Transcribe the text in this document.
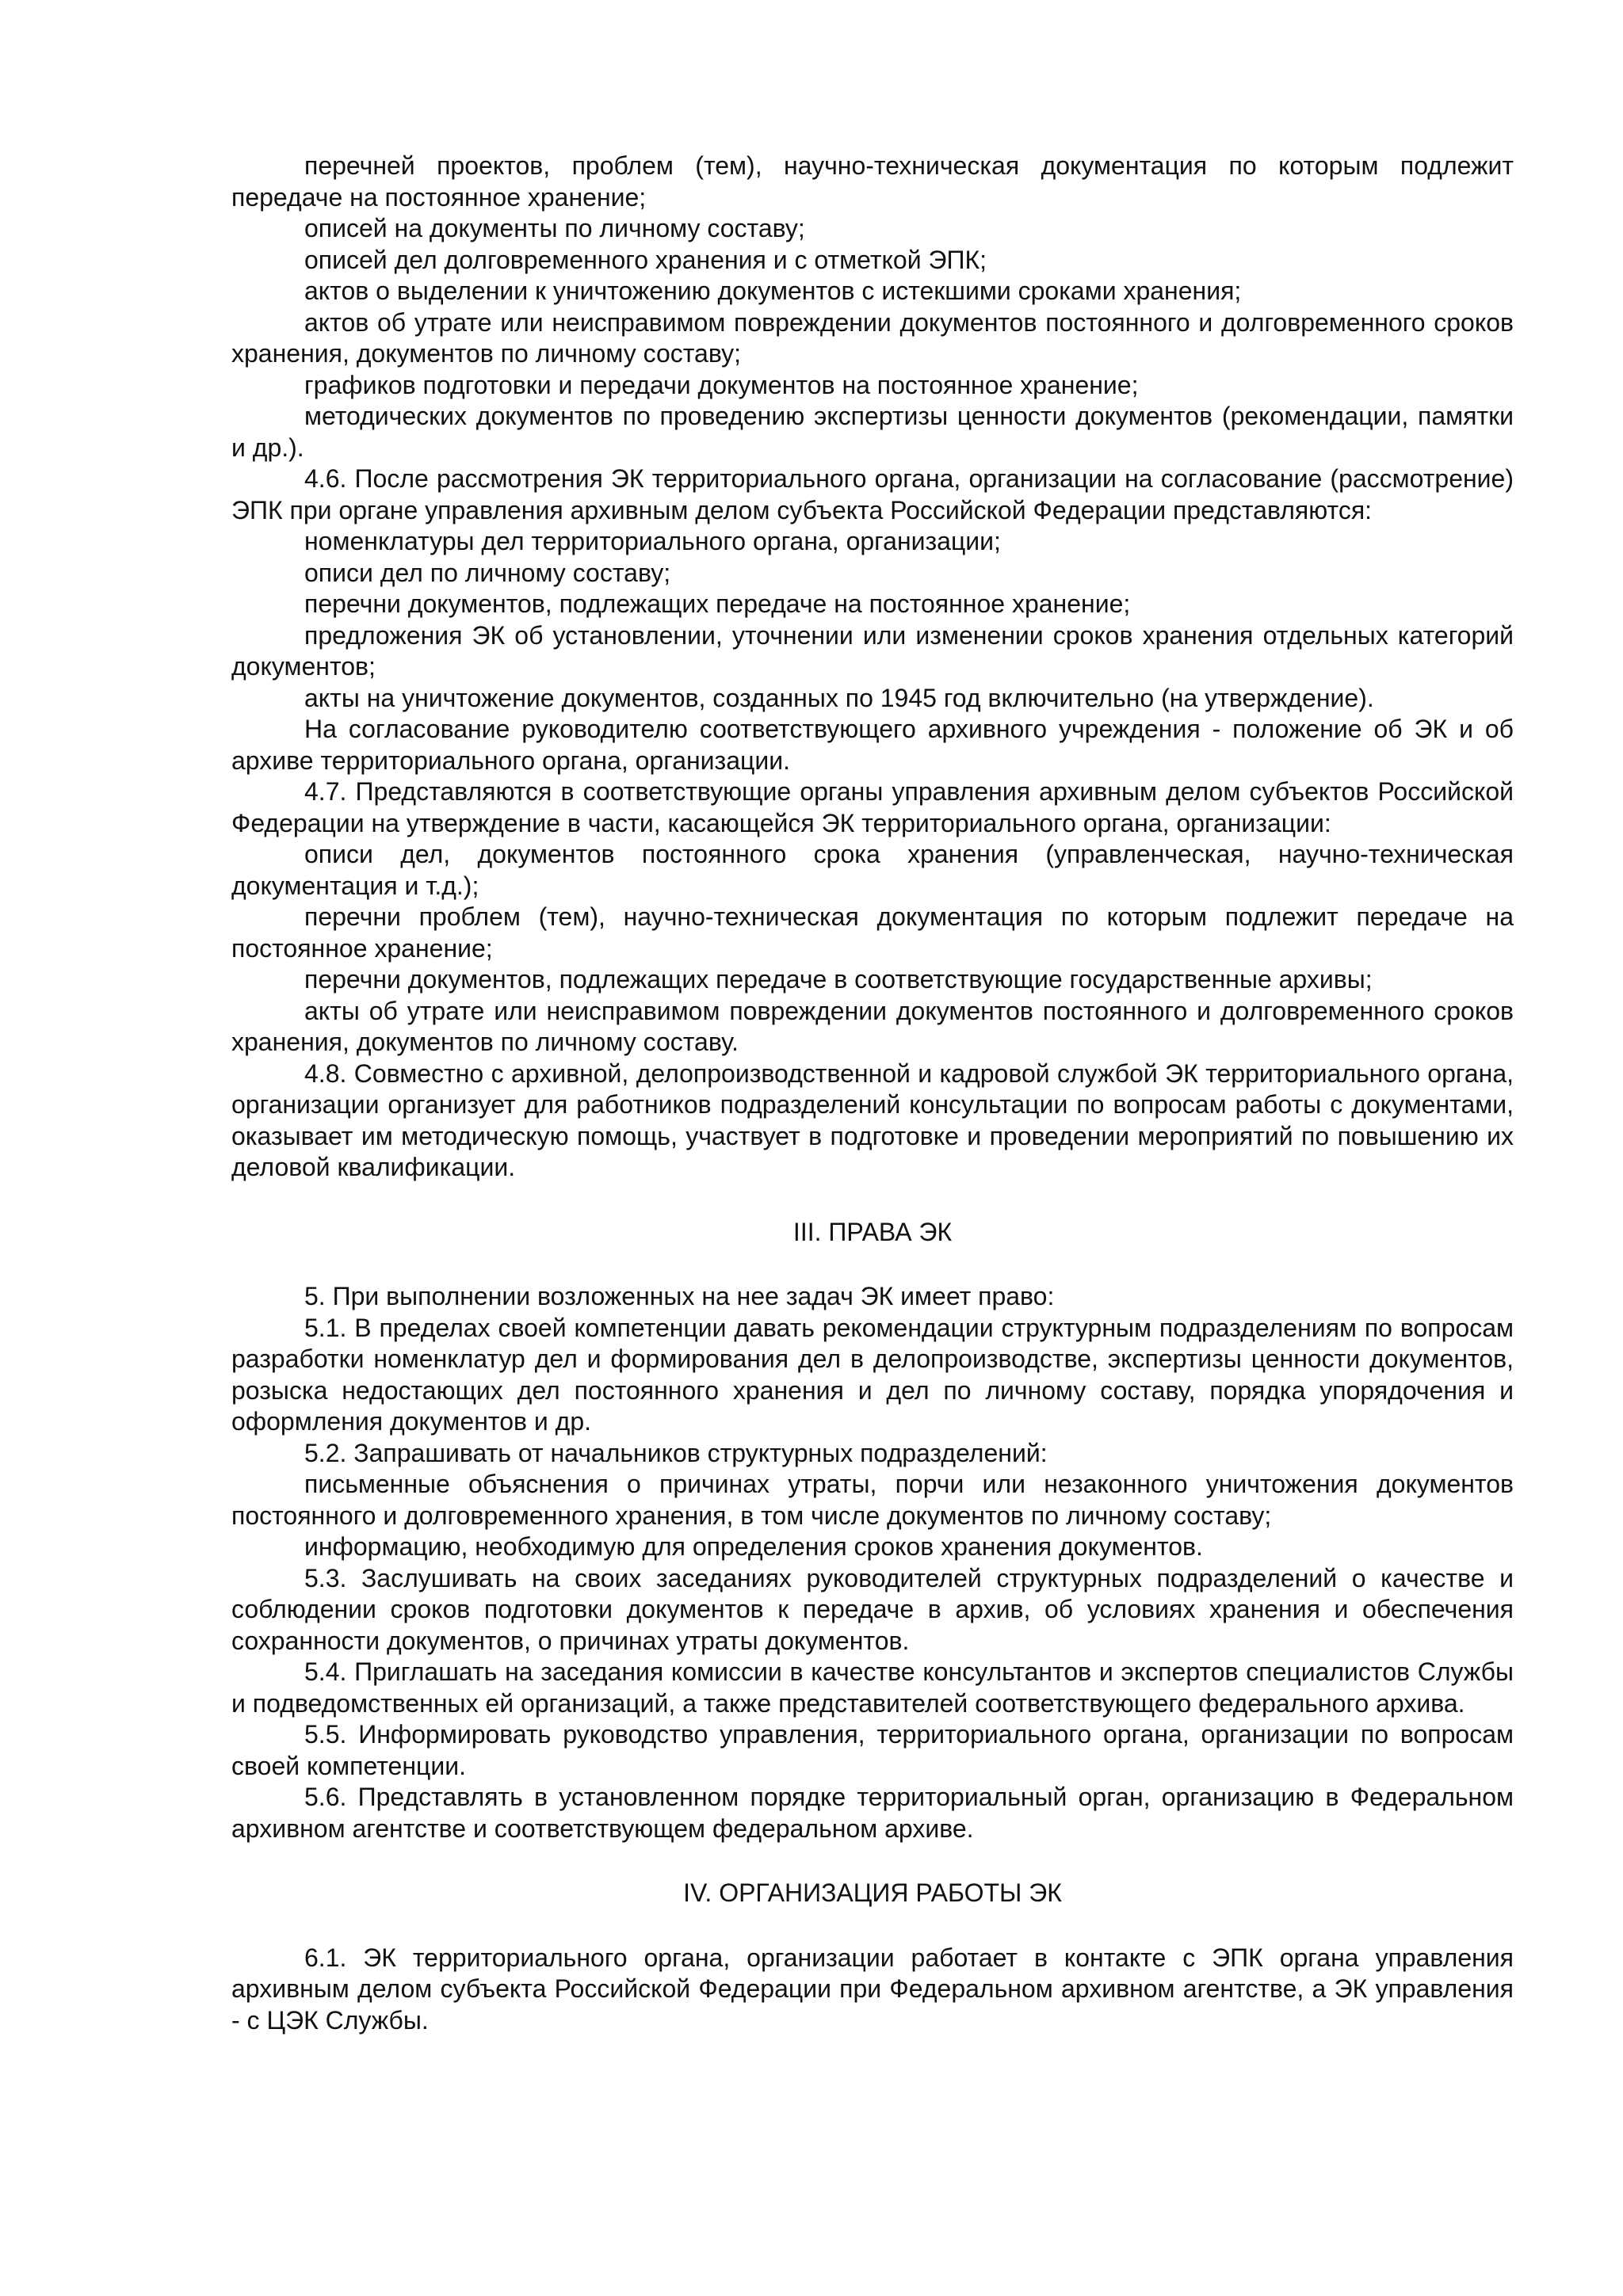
перечней проектов, проблем (тем), научно-техническая документация по которым подлежит передаче на постоянное хранение;

описей на документы по личному составу;

описей дел долговременного хранения и с отметкой ЭПК;

актов о выделении к уничтожению документов с истекшими сроками хранения;

актов об утрате или неисправимом повреждении документов постоянного и долговременного сроков хранения, документов по личному составу;

графиков подготовки и передачи документов на постоянное хранение;

методических документов по проведению экспертизы ценности документов (рекомендации, памятки и др.).

4.6. После рассмотрения ЭК территориального органа, организации на согласование (рассмотрение) ЭПК при органе управления архивным делом субъекта Российской Федерации представляются:

номенклатуры дел территориального органа, организации;

описи дел по личному составу;

перечни документов, подлежащих передаче на постоянное хранение;

предложения ЭК об установлении, уточнении или изменении сроков хранения отдельных категорий документов;

акты на уничтожение документов, созданных по 1945 год включительно (на утверждение).

На согласование руководителю соответствующего архивного учреждения - положение об ЭК и об архиве территориального органа, организации.

4.7. Представляются в соответствующие органы управления архивным делом субъектов Российской Федерации на утверждение в части, касающейся ЭК территориального органа, организации:

описи дел, документов постоянного срока хранения (управленческая, научно-техническая документация и т.д.);

перечни проблем (тем), научно-техническая документация по которым подлежит передаче на постоянное хранение;

перечни документов, подлежащих передаче в соответствующие государственные архивы;

акты об утрате или неисправимом повреждении документов постоянного и долговременного сроков хранения, документов по личному составу.

4.8. Совместно с архивной, делопроизводственной и кадровой службой ЭК территориального органа, организации организует для работников подразделений консультации по вопросам работы с документами, оказывает им методическую помощь, участвует в подготовке и проведении мероприятий по повышению их деловой квалификации.

III. ПРАВА ЭК

5. При выполнении возложенных на нее задач ЭК имеет право:

5.1. В пределах своей компетенции давать рекомендации структурным подразделениям по вопросам разработки номенклатур дел и формирования дел в делопроизводстве, экспертизы ценности документов, розыска недостающих дел постоянного хранения и дел по личному составу, порядка упорядочения и оформления документов и др.

5.2. Запрашивать от начальников структурных подразделений:

письменные объяснения о причинах утраты, порчи или незаконного уничтожения документов постоянного и долговременного хранения, в том числе документов по личному составу;

информацию, необходимую для определения сроков хранения документов.

5.3. Заслушивать на своих заседаниях руководителей структурных подразделений о качестве и соблюдении сроков подготовки документов к передаче в архив, об условиях хранения и обеспечения сохранности документов, о причинах утраты документов.

5.4. Приглашать на заседания комиссии в качестве консультантов и экспертов специалистов Службы и подведомственных ей организаций, а также представителей соответствующего федерального архива.

5.5. Информировать руководство управления, территориального органа, организации по вопросам своей компетенции.

5.6. Представлять в установленном порядке территориальный орган, организацию в Федеральном архивном агентстве и соответствующем федеральном архиве.

IV. ОРГАНИЗАЦИЯ РАБОТЫ ЭК

6.1. ЭК территориального органа, организации работает в контакте с ЭПК органа управления архивным делом субъекта Российской Федерации при Федеральном архивном агентстве, а ЭК управления - с ЦЭК Службы.
